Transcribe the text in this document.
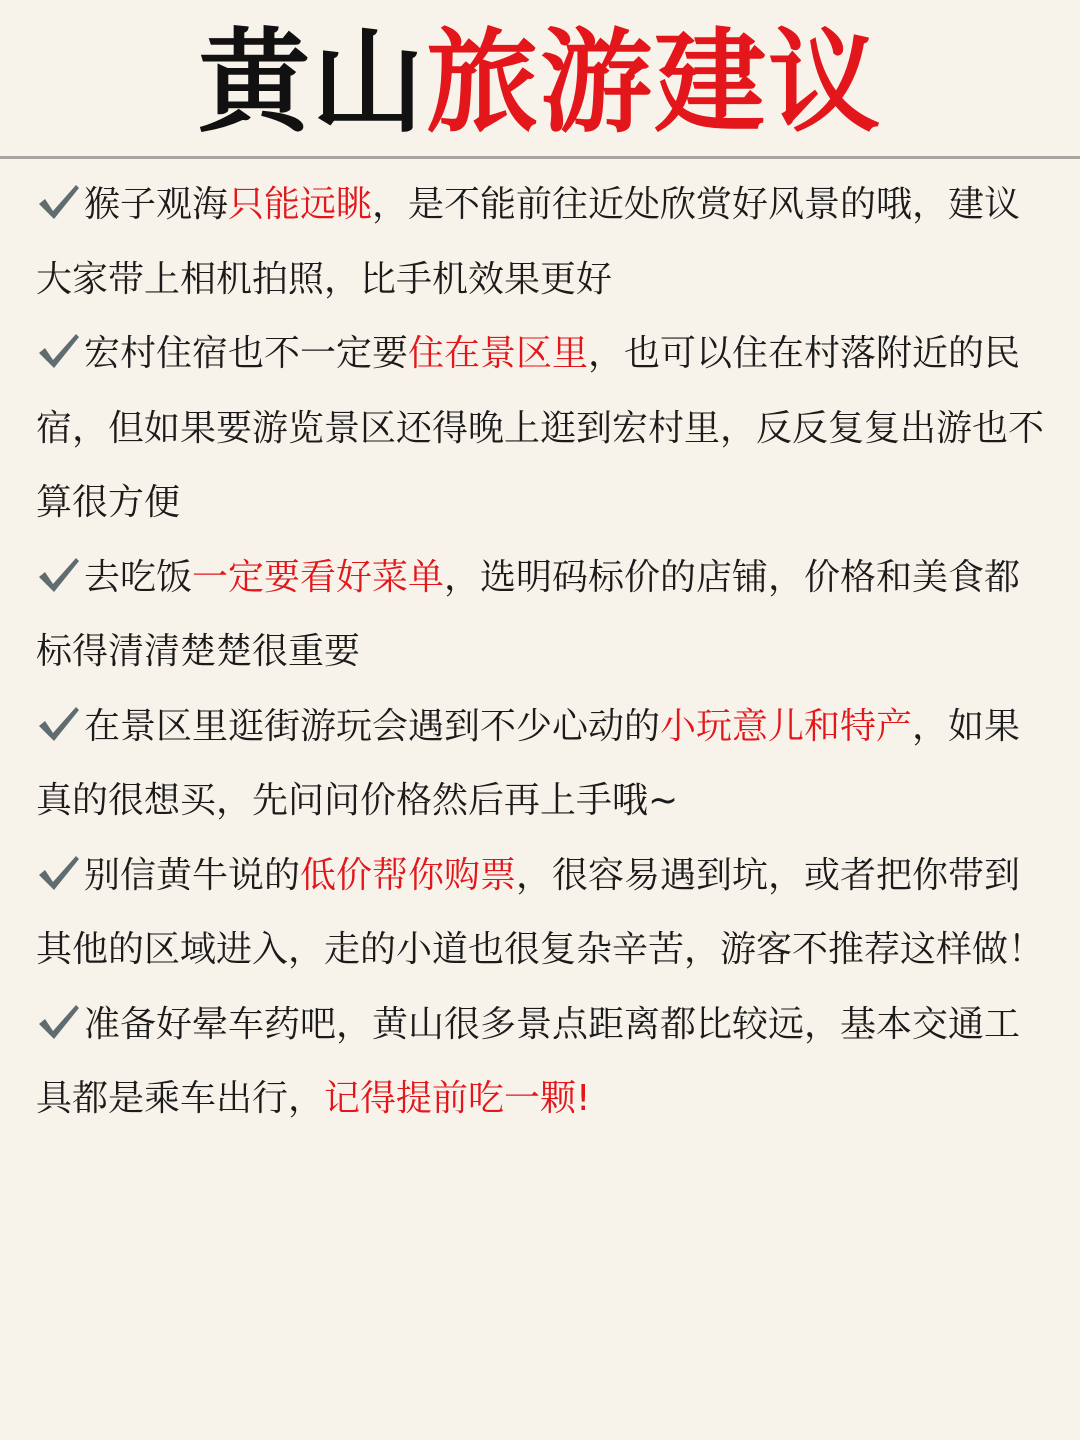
黄山旅游建议

猴子观海只能远眺，是不能前往近处欣赏好风景的哦，建议大家带上相机拍照，比手机效果更好

宏村住宿也不一定要住在景区里，也可以住在村落附近的民宿，但如果要游览景区还得晚上逛到宏村里，反反复复出游也不算很方便

去吃饭一定要看好菜单，选明码标价的店铺，价格和美食都标得清清楚楚很重要

在景区里逛街游玩会遇到不少心动的小玩意儿和特产，如果真的很想买，先问问价格然后再上手哦~

别信黄牛说的低价帮你购票，很容易遇到坑，或者把你带到其他的区域进入，走的小道也很复杂辛苦，游客不推荐这样做！

准备好晕车药吧，黄山很多景点距离都比较远，基本交通工具都是乘车出行，记得提前吃一颗!
